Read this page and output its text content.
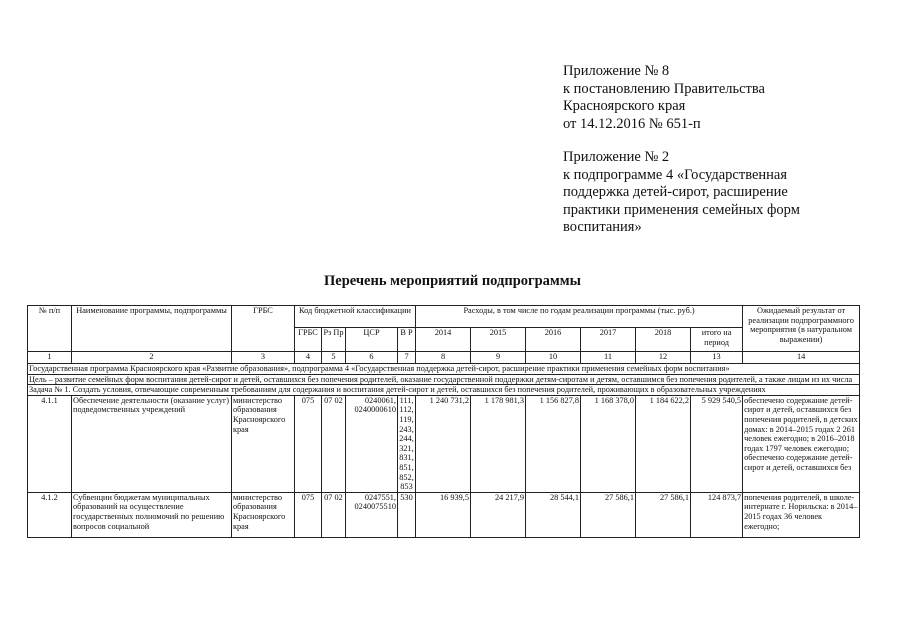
Приложение № 8
к постановлению Правительства
Красноярского края
от 14.12.2016 № 651-п
Приложение № 2
к подпрограмме 4 «Государственная
поддержка детей-сирот, расширение
практики применения семейных форм
воспитания»
Перечень мероприятий подпрограммы
№ п/п	Наименование программы, подпрограммы	ГРБС	Код бюджетной классификации				Расходы, в том числе по годам реализации программы (тыс. руб.)						Ожидаемый результат от реализации подпрограммного мероприятия (в натуральном выражении)
			ГРБС	Рз Пр	ЦСР	В Р	2014	2015	2016	2017	2018	итого на период	
1	2	3	4	5	6	7	8	9	10	11	12	13	14
Государственная программа Красноярского края «Развитие образования», подпрограмма 4 «Государственная поддержка детей-сирот, расширение практики применения семейных форм воспитания»													
Цель – развитие семейных форм воспитания детей-сирот и детей, оставшихся без попечения родителей, оказание государственной поддержки детям-сиротам и детям, оставшимся без попечения родителей, а также лицам из их числа													
Задача № 1. Создать условия, отвечающие современным требованиям для содержания и воспитания детей-сирот и детей, оставшихся без попечения родителей, проживающих в образовательных учреждениях													
4.1.1	Обеспечение деятельности (оказание услуг) подведомственных учреждений	министерство образования Красноярского края	075	07 02	0240061, 0240000610	111, 112, 119, 243, 244, 321, 831, 851, 852, 853	1 240 731,2	1 178 981,3	1 156 827,8	1 168 378,0	1 184 622,2	5 929 540,5	обеспечено содержание детей-сирот и детей, оставшихся без попечения родителей, в детских домах: в 2014–2015 годах 2 261 человек ежегодно; в 2016–2018 годах 1797 человек ежегодно; обеспечено содержание детей-сирот и детей, оставшихся без

4.1.2	Субвенции бюджетам муниципальных образований на осуществление государственных полномочий по решению вопросов социальной	министерство образования Красноярского края	075	07 02	0247551, 0240075510	530	16 939,5	24 217,9	28 544,1	27 586,1	27 586,1	124 873,7	попечения родителей, в школе-интернате г. Норильска: в 2014–2015 годах 36 человек ежегодно;
